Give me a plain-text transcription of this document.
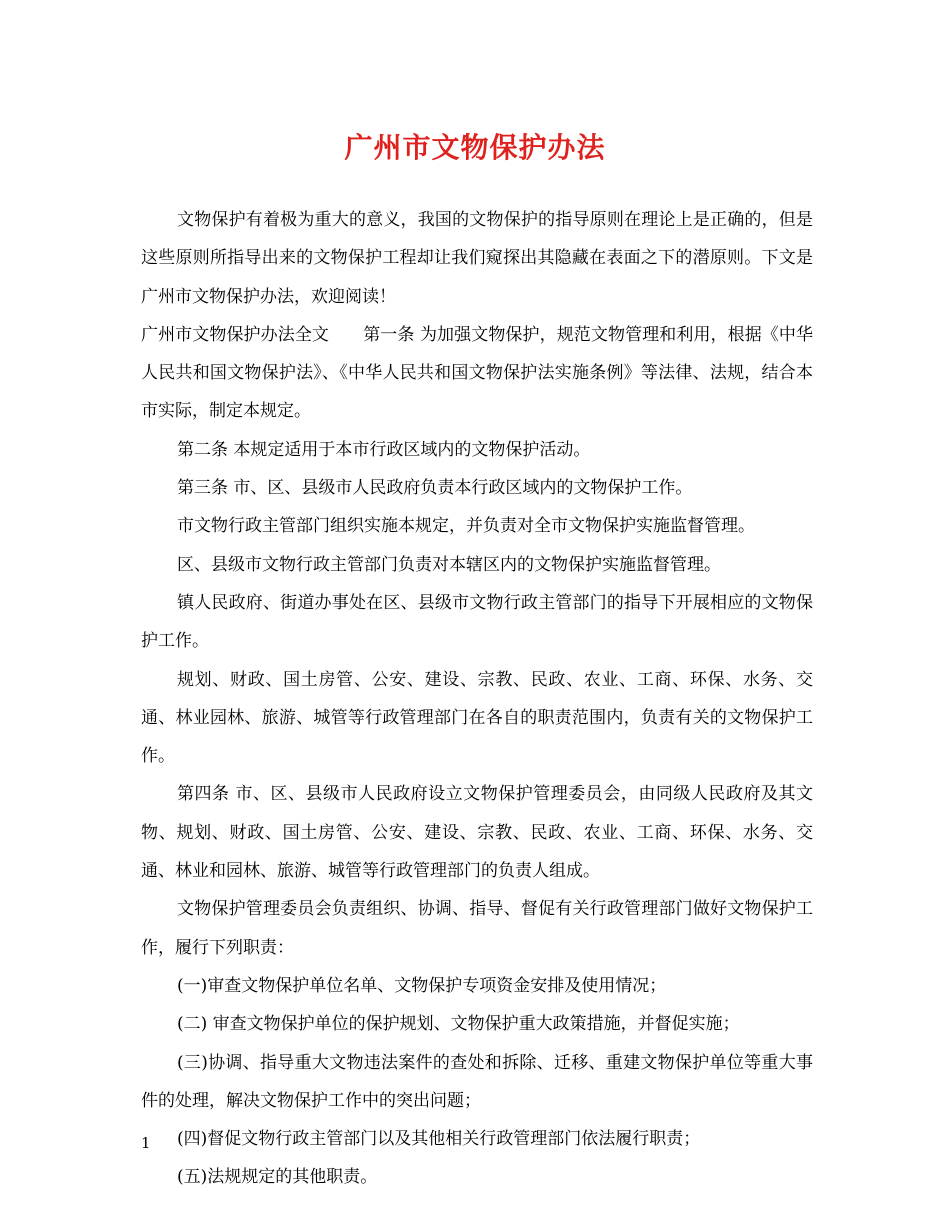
广州市文物保护办法

文物保护有着极为重大的意义，我国的文物保护的指导原则在理论上是正确的，但是这些原则所指导出来的文物保护工程却让我们窥探出其隐藏在表面之下的潜原则。下文是广州市文物保护办法，欢迎阅读！

广州市文物保护办法全文　　第一条 为加强文物保护，规范文物管理和利用，根据《中华人民共和国文物保护法》、《中华人民共和国文物保护法实施条例》等法律、法规，结合本市实际，制定本规定。

第二条 本规定适用于本市行政区域内的文物保护活动。

第三条 市、区、县级市人民政府负责本行政区域内的文物保护工作。

市文物行政主管部门组织实施本规定，并负责对全市文物保护实施监督管理。

区、县级市文物行政主管部门负责对本辖区内的文物保护实施监督管理。

镇人民政府、街道办事处在区、县级市文物行政主管部门的指导下开展相应的文物保护工作。

规划、财政、国土房管、公安、建设、宗教、民政、农业、工商、环保、水务、交通、林业园林、旅游、城管等行政管理部门在各自的职责范围内，负责有关的文物保护工作。

第四条 市、区、县级市人民政府设立文物保护管理委员会，由同级人民政府及其文物、规划、财政、国土房管、公安、建设、宗教、民政、农业、工商、环保、水务、交通、林业和园林、旅游、城管等行政管理部门的负责人组成。

文物保护管理委员会负责组织、协调、指导、督促有关行政管理部门做好文物保护工作，履行下列职责：

(一)审查文物保护单位名单、文物保护专项资金安排及使用情况；

(二) 审查文物保护单位的保护规划、文物保护重大政策措施，并督促实施；

(三)协调、指导重大文物违法案件的查处和拆除、迁移、重建文物保护单位等重大事件的处理，解决文物保护工作中的突出问题；

(四)督促文物行政主管部门以及其他相关行政管理部门依法履行职责；

(五)法规规定的其他职责。

1
